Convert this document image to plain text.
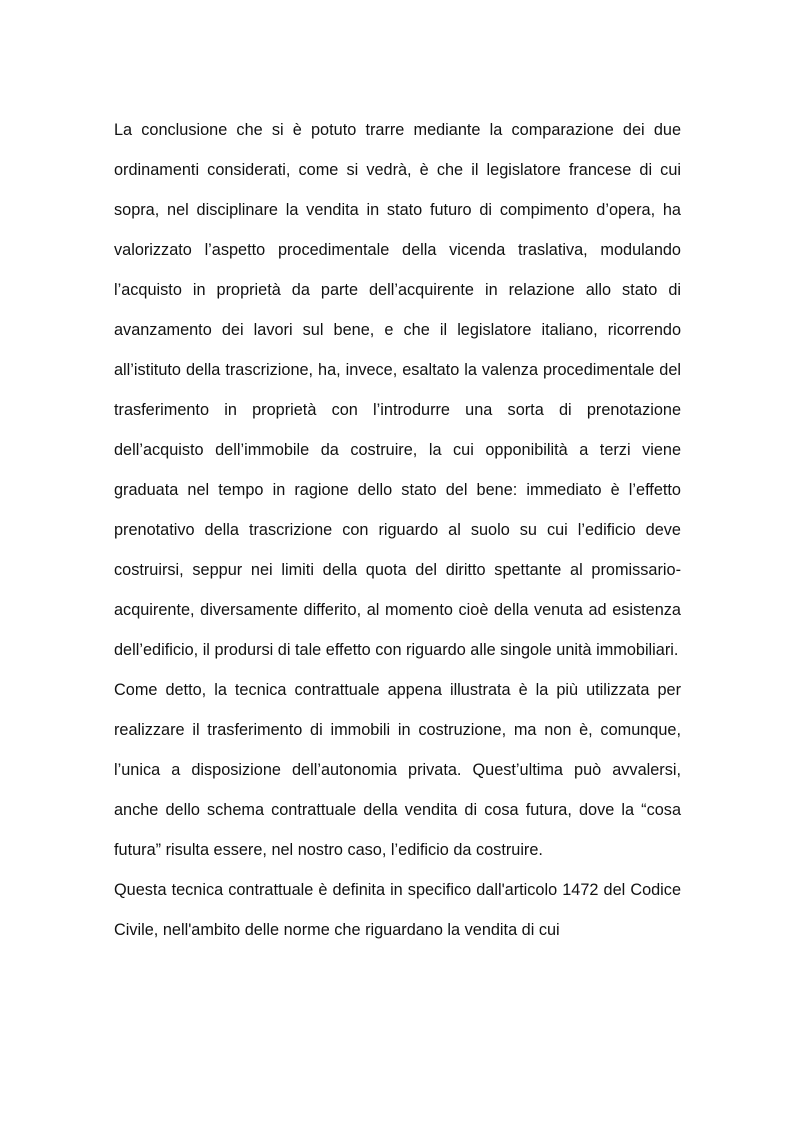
La conclusione che si è potuto trarre mediante la comparazione dei due ordinamenti considerati, come si vedrà, è che il legislatore francese di cui sopra, nel disciplinare la vendita in stato futuro di compimento d’opera, ha valorizzato l’aspetto procedimentale della vicenda traslativa, modulando l’acquisto in proprietà da parte dell’acquirente in relazione allo stato di avanzamento dei lavori sul bene, e che il legislatore italiano, ricorrendo all’istituto della trascrizione, ha, invece, esaltato la valenza procedimentale del trasferimento in proprietà con l’introdurre una sorta di prenotazione dell’acquisto dell’immobile da costruire, la cui opponibilità a terzi viene graduata nel tempo in ragione dello stato del bene: immediato è l’effetto prenotativo della trascrizione con riguardo al suolo su cui l’edificio deve costruirsi, seppur nei limiti della quota del diritto spettante al promissario-acquirente, diversamente differito, al momento cioè della venuta ad esistenza dell’edificio, il prodursi di tale effetto con riguardo alle singole unità immobiliari.

Come detto, la tecnica contrattuale appena illustrata è la più utilizzata per realizzare il trasferimento di immobili in costruzione, ma non è, comunque, l’unica a disposizione dell’autonomia privata. Quest’ultima può avvalersi, anche dello schema contrattuale della vendita di cosa futura, dove la “cosa futura” risulta essere, nel nostro caso, l’edificio da costruire.

Questa tecnica contrattuale è definita in specifico dall'articolo 1472 del Codice Civile, nell'ambito delle norme che riguardano la vendita di cui
